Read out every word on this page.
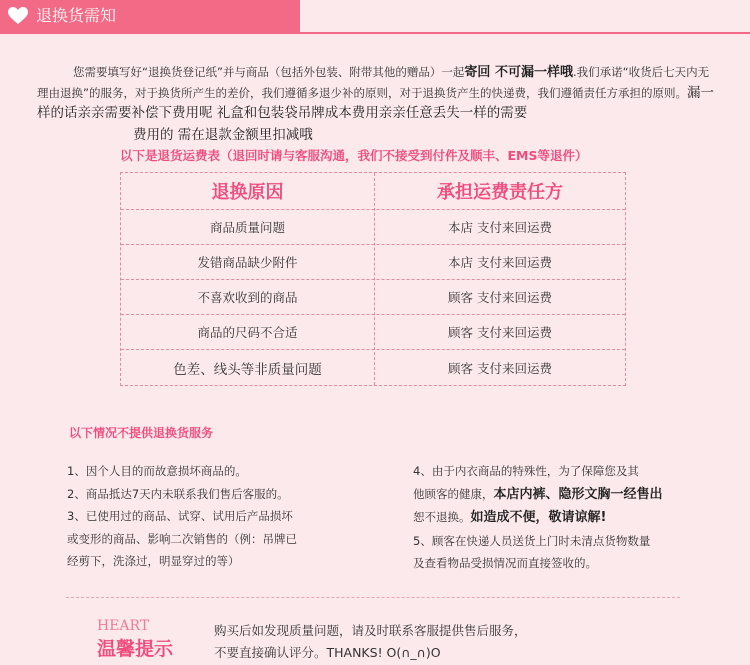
退换货需知
您需要填写好“退换货登记纸”并与商品（包括外包装、附带其他的赠品）一起寄回 不可漏一样哦.我们承诺“收货后七天内无理由退换”的服务，对于换货所产生的差价，我们遵循多退少补的原则，对于退换货产生的快递费，我们遵循责任方承担的原则。漏一样的话亲亲需要补偿下费用呢 礼盒和包装袋吊牌成本费用亲亲任意丢失一样的需要
费用的 需在退款金额里扣减哦
以下是退货运费表（退回时请与客服沟通，我们不接受到付件及顺丰、EMS等退件）
退换原因	承担运费责任方
商品质量问题	本店 支付来回运费
发错商品缺少附件	本店 支付来回运费
不喜欢收到的商品	顾客 支付来回运费
商品的尺码不合适	顾客 支付来回运费
色差、线头等非质量问题	顾客 支付来回运费
以下情况不提供退换货服务
1、因个人目的而故意损坏商品的。
2、商品抵达7天内未联系我们售后客服的。
3、已使用过的商品、试穿、试用后产品损坏
或变形的商品、影响二次销售的（例：吊牌已
经剪下，洗涤过，明显穿过的等）
4、由于内衣商品的特殊性，为了保障您及其
他顾客的健康，本店内裤、隐形文胸一经售出
恕不退换。如造成不便，敬请谅解!
5、顾客在快递人员送货上门时未清点货物数量
及查看物品受损情况而直接签收的。
HEART
温馨提示
购买后如发现质量问题，请及时联系客服提供售后服务，
不要直接确认评分。THANKS! O(∩_∩)O
